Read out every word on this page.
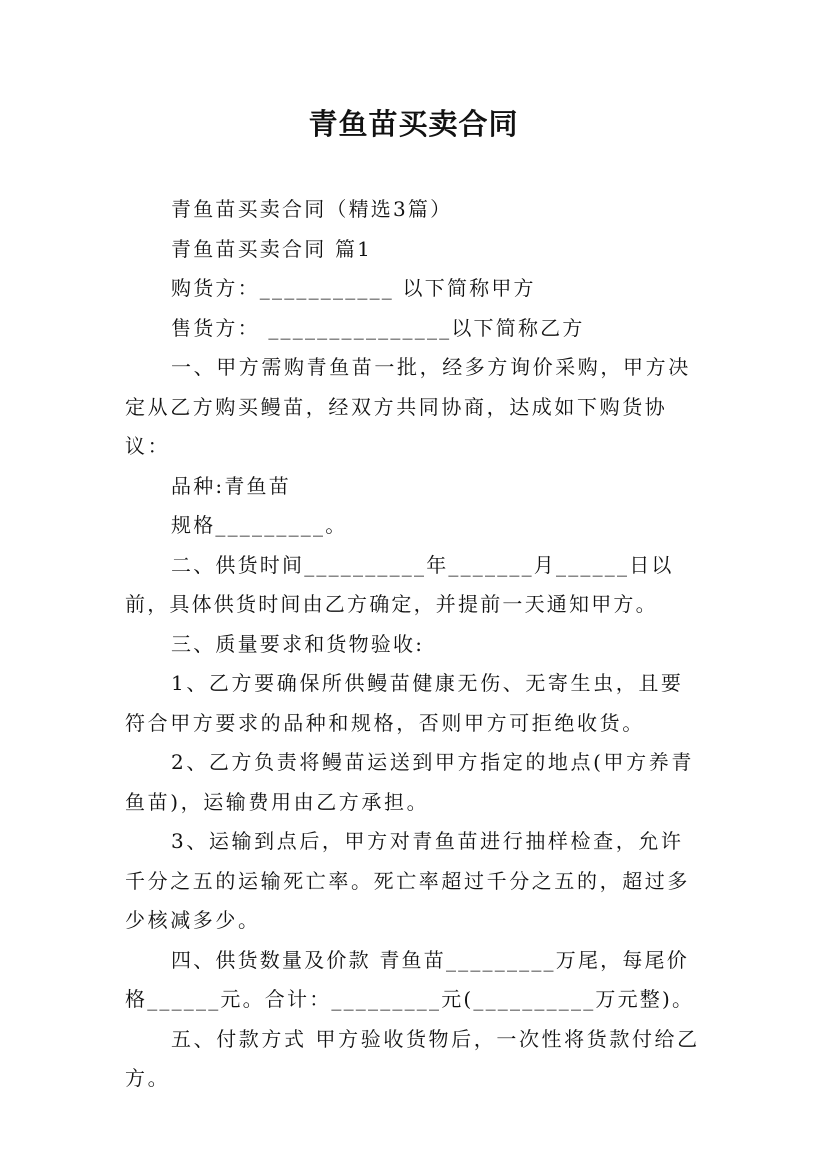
青鱼苗买卖合同

青鱼苗买卖合同（精选3篇）

青鱼苗买卖合同 篇1

购货方：___________ 以下简称甲方

售货方： _______________以下简称乙方

一、甲方需购青鱼苗一批，经多方询价采购，甲方决定从乙方购买鳗苗，经双方共同协商，达成如下购货协议：

品种:青鱼苗

规格_________。

二、供货时间__________年_______月______日以前，具体供货时间由乙方确定，并提前一天通知甲方。

三、质量要求和货物验收:

1、乙方要确保所供鳗苗健康无伤、无寄生虫，且要符合甲方要求的品种和规格，否则甲方可拒绝收货。

2、乙方负责将鳗苗运送到甲方指定的地点(甲方养青鱼苗)，运输费用由乙方承担。

3、运输到点后，甲方对青鱼苗进行抽样检查，允许千分之五的运输死亡率。死亡率超过千分之五的，超过多少核减多少。

四、供货数量及价款 青鱼苗_________万尾，每尾价格______元。合计：_________元(__________万元整)。

五、付款方式 甲方验收货物后，一次性将货款付给乙方。
